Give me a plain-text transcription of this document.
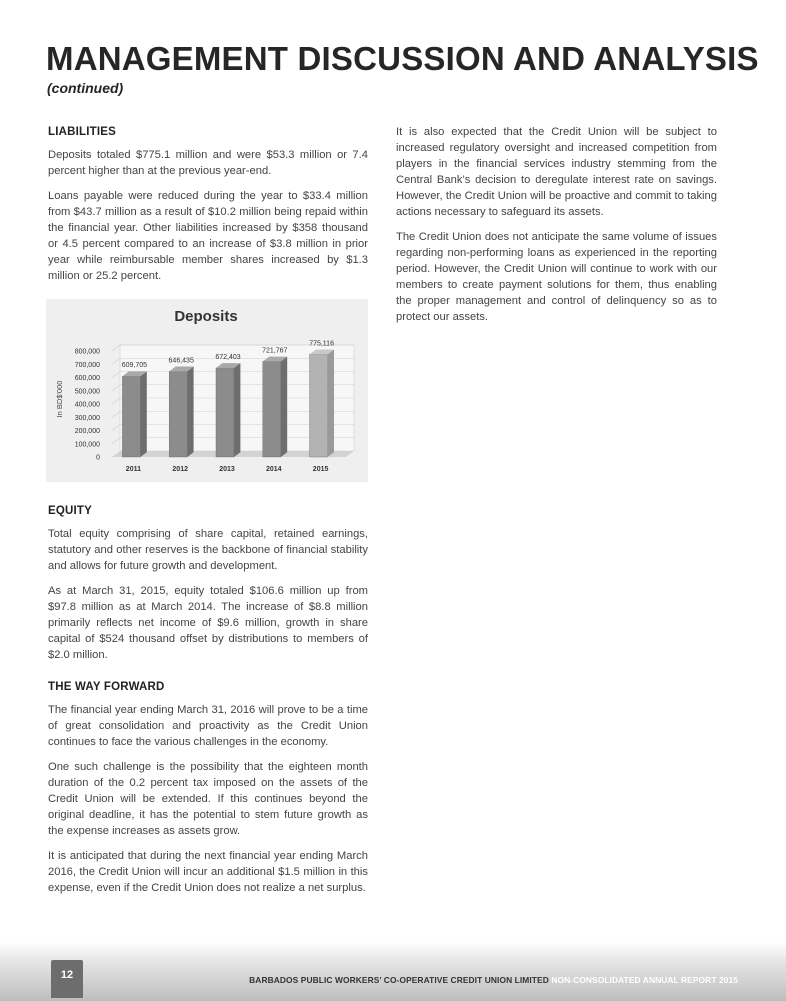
MANAGEMENT DISCUSSION AND ANALYSIS
(continued)
LIABILITIES

Deposits totaled $775.1 million and were $53.3 million or 7.4 percent higher than at the previous year-end.

Loans payable were reduced during the year to $33.4 million from $43.7 million as a result of $10.2 million being repaid within the financial year. Other liabilities increased by $358 thousand or 4.5 percent compared to an increase of $3.8 million in prior year while reimbursable member shares increased by $1.3 million or 25.2 percent.

Deposits
In BD$'000
800,000
700,000
600,000
500,000
400,000
300,000
200,000
100,000
0
609,705
646,435	672,403
721,767
775,116
2011	2012	2013	2014	2015
EQUITY

Total equity comprising of share capital, retained earnings, statutory and other reserves is the backbone of financial stability and allows for future growth and development.

As at March 31, 2015, equity totaled $106.6 million up from $97.8 million as at March 2014. The increase of $8.8 million primarily reflects net income of $9.6 million, growth in share capital of $524 thousand offset by distributions to members of $2.0 million.

THE WAY FORWARD

The financial year ending March 31, 2016 will prove to be a time of great consolidation and proactivity as the Credit Union continues to face the various challenges in the economy.

One such challenge is the possibility that the eighteen month duration of the 0.2 percent tax imposed on the assets of the Credit Union will be extended. If this continues beyond the original deadline, it has the potential to stem future growth as the expense increases as assets grow.

It is anticipated that during the next financial year ending March 2016, the Credit Union will incur an additional $1.5 million in this expense, even if the Credit Union does not realize a net surplus.

It is also expected that the Credit Union will be subject to increased regulatory oversight and increased competition from players in the financial services industry stemming from the Central Bank’s decision to deregulate interest rate on savings. However, the Credit Union will be proactive and commit to taking actions necessary to safeguard its assets.

The Credit Union does not anticipate the same volume of issues regarding non-performing loans as experienced in the reporting period. However, the Credit Union will continue to work with our members to create payment solutions for them, thus enabling the proper management and control of delinquency so as to protect our assets.

12	BARBADOS PUBLIC WORKERS’ CO-OPERATIVE CREDIT UNION LIMITED NON-CONSOLIDATED ANNUAL REPORT 2015
